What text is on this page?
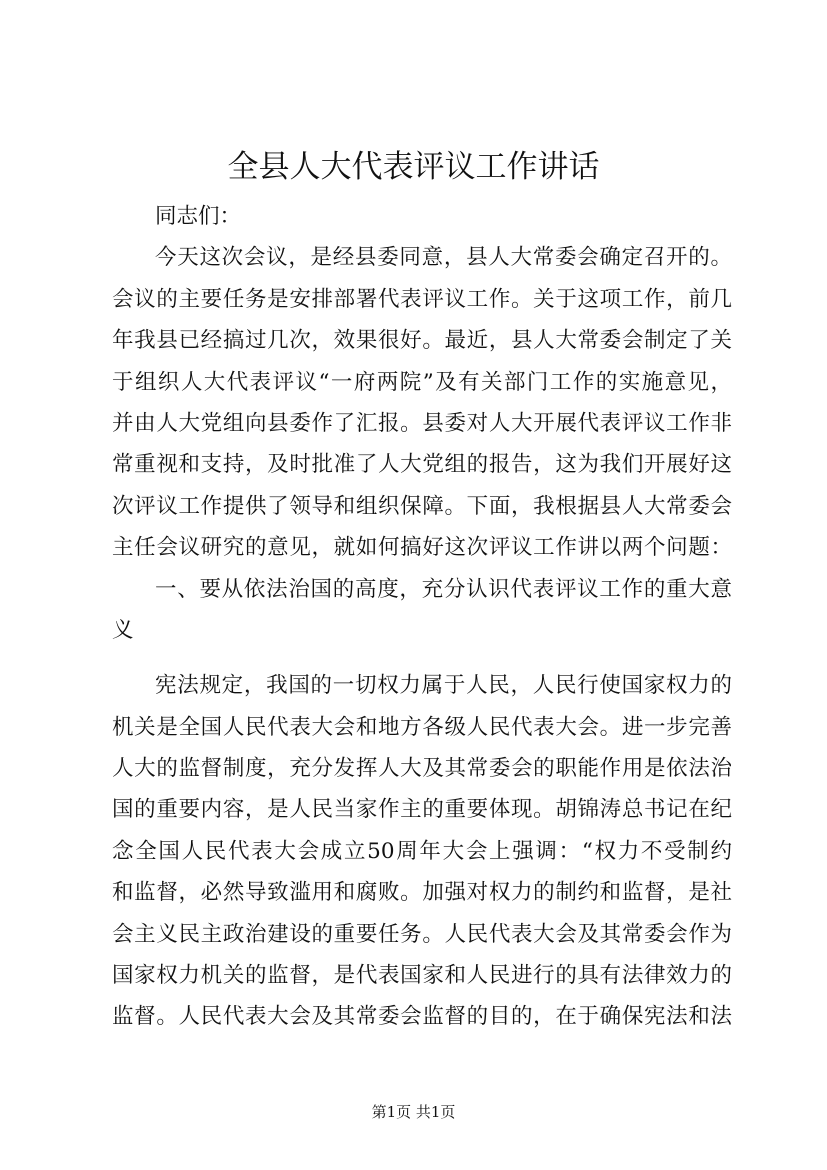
全县人大代表评议工作讲话
同志们：
今天这次会议，是经县委同意，县人大常委会确定召开的。
会议的主要任务是安排部署代表评议工作。关于这项工作，前几
年我县已经搞过几次，效果很好。最近，县人大常委会制定了关
于组织人大代表评议“一府两院”及有关部门工作的实施意见，
并由人大党组向县委作了汇报。县委对人大开展代表评议工作非
常重视和支持，及时批准了人大党组的报告，这为我们开展好这
次评议工作提供了领导和组织保障。下面，我根据县人大常委会
主任会议研究的意见，就如何搞好这次评议工作讲以两个问题：
一、要从依法治国的高度，充分认识代表评议工作的重大意
义
宪法规定，我国的一切权力属于人民，人民行使国家权力的
机关是全国人民代表大会和地方各级人民代表大会。进一步完善
人大的监督制度，充分发挥人大及其常委会的职能作用是依法治
国的重要内容，是人民当家作主的重要体现。胡锦涛总书记在纪
念全国人民代表大会成立50周年大会上强调：“权力不受制约
和监督，必然导致滥用和腐败。加强对权力的制约和监督，是社
会主义民主政治建设的重要任务。人民代表大会及其常委会作为
国家权力机关的监督，是代表国家和人民进行的具有法律效力的
监督。人民代表大会及其常委会监督的目的，在于确保宪法和法
第1页 共1页
